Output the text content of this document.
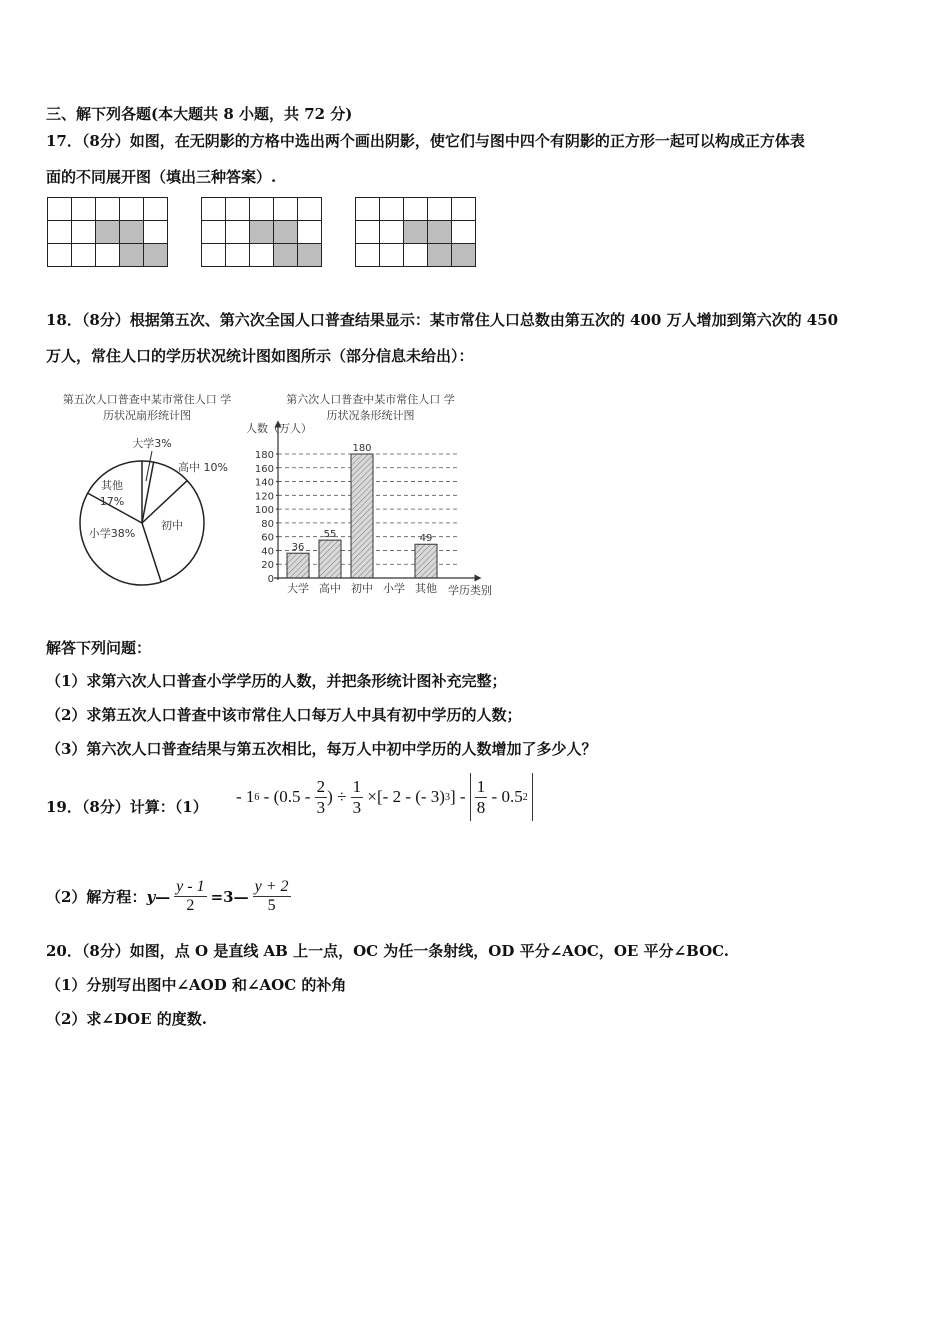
三、解下列各题(本大题共 8 小题，共 72 分)
17．（8分）如图，在无阴影的方格中选出两个画出阴影，使它们与图中四个有阴影的正方形一起可以构成正方体表
面的不同展开图（填出三种答案）.

18．（8分）根据第五次、第六次全国人口普查结果显示：某市常住人口总数由第五次的 400 万人增加到第六次的 450
万人，常住人口的学历状况统计图如图所示（部分信息未给出）：
第五次人口普查中某市常住人口 学历状况扇形统计图
大学3%
高中 10%
初中
小学38%
其他 17%
第六次人口普查中某市常住人口 学历状况条形统计图
人数（万人）
36
55
180
49
0
20
40
60
80
100
120
140
160
180
大学 高中 初中 小学 其他 学历类别
解答下列问题：
（1）求第六次人口普查小学学历的人数，并把条形统计图补充完整；
（2）求第五次人口普查中该市常住人口每万人中具有初中学历的人数；
（3）第六次人口普查结果与第五次相比，每万人中初中学历的人数增加了多少人？
19．（8分）计算：（1）
- 1 $6 - (0.5 - \frac{2}{3}$ ) ÷ $\frac{1}{3}$ ×[- 2 - (- 3) 3 ] - $\frac{1}{8} - 0.5$ 2
（2）解方程： y — $\frac{y - 1}{2}$ =3— $\frac{y + 2}{5}$
20．（8分）如图，点 O 是直线 AB 上一点，OC 为任一条射线，OD 平分∠AOC，OE 平分∠BOC.
（1）分别写出图中∠AOD 和∠AOC 的补角
（2）求∠DOE 的度数.
